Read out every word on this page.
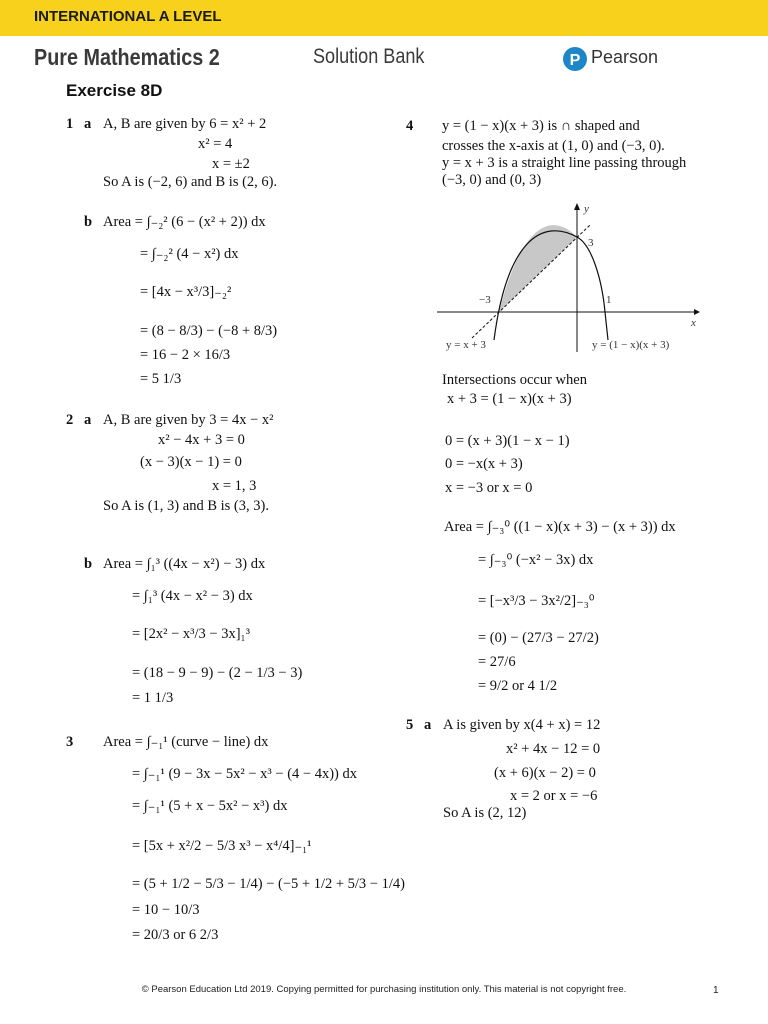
INTERNATIONAL A LEVEL
Pure Mathematics 2	Solution Bank	P Pearson
Exercise 8D
1 a A, B are given by 6 = x² + 2
x² = 4
x = ±2
So A is (−2, 6) and B is (2, 6).
b Area = ∫₋₂² (6 − (x² + 2)) dx
= ∫₋₂² (4 − x²) dx
= [4x − x³/3]₋₂²
= (8 − 8/3) − (−8 + 8/3)
= 16 − 2 × 16/3
= 5 1/3
2 a A, B are given by 3 = 4x − x²
x² − 4x + 3 = 0
(x − 3)(x − 1) = 0
x = 1, 3
So A is (1, 3) and B is (3, 3).
b Area = ∫₁³ ((4x − x²) − 3) dx
= ∫₁³ (4x − x² − 3) dx
= [2x² − x³/3 − 3x]₁³
= (18 − 9 − 9) − (2 − 1/3 − 3)
= 1 1/3
3 Area = ∫₋₁¹ (curve − line) dx
= ∫₋₁¹ (9 − 3x − 5x² − x³ − (4 − 4x)) dx
= ∫₋₁¹ (5 + x − 5x² − x³) dx
= [5x + x²/2 − 5/3 x³ − x⁴/4]₋₁¹
= (5 + 1/2 − 5/3 − 1/4) − (−5 + 1/2 + 5/3 − 1/4)
= 10 − 10/3
= 20/3 or 6 2/3
4 y = (1 − x)(x + 3) is ∩ shaped and
crosses the x-axis at (1, 0) and (−3, 0).
y = x + 3 is a straight line passing through
(−3, 0) and (0, 3)
y
x
−3
3
1
y = x + 3	y = (1 − x)(x + 3)
Intersections occur when
x + 3 = (1 − x)(x + 3)
0 = (x + 3)(1 − x − 1)
0 = −x(x + 3)
x = −3 or x = 0
Area = ∫₋₃⁰ ((1 − x)(x + 3) − (x + 3)) dx
= ∫₋₃⁰ (−x² − 3x) dx
= [−x³/3 − 3x²/2]₋₃⁰
= (0) − (27/3 − 27/2)
= 27/6
= 9/2 or 4 1/2
5 a A is given by x(4 + x) = 12
x² + 4x − 12 = 0
(x + 6)(x − 2) = 0
x = 2 or x = −6
So A is (2, 12)
© Pearson Education Ltd 2019. Copying permitted for purchasing institution only. This material is not copyright free.	1
